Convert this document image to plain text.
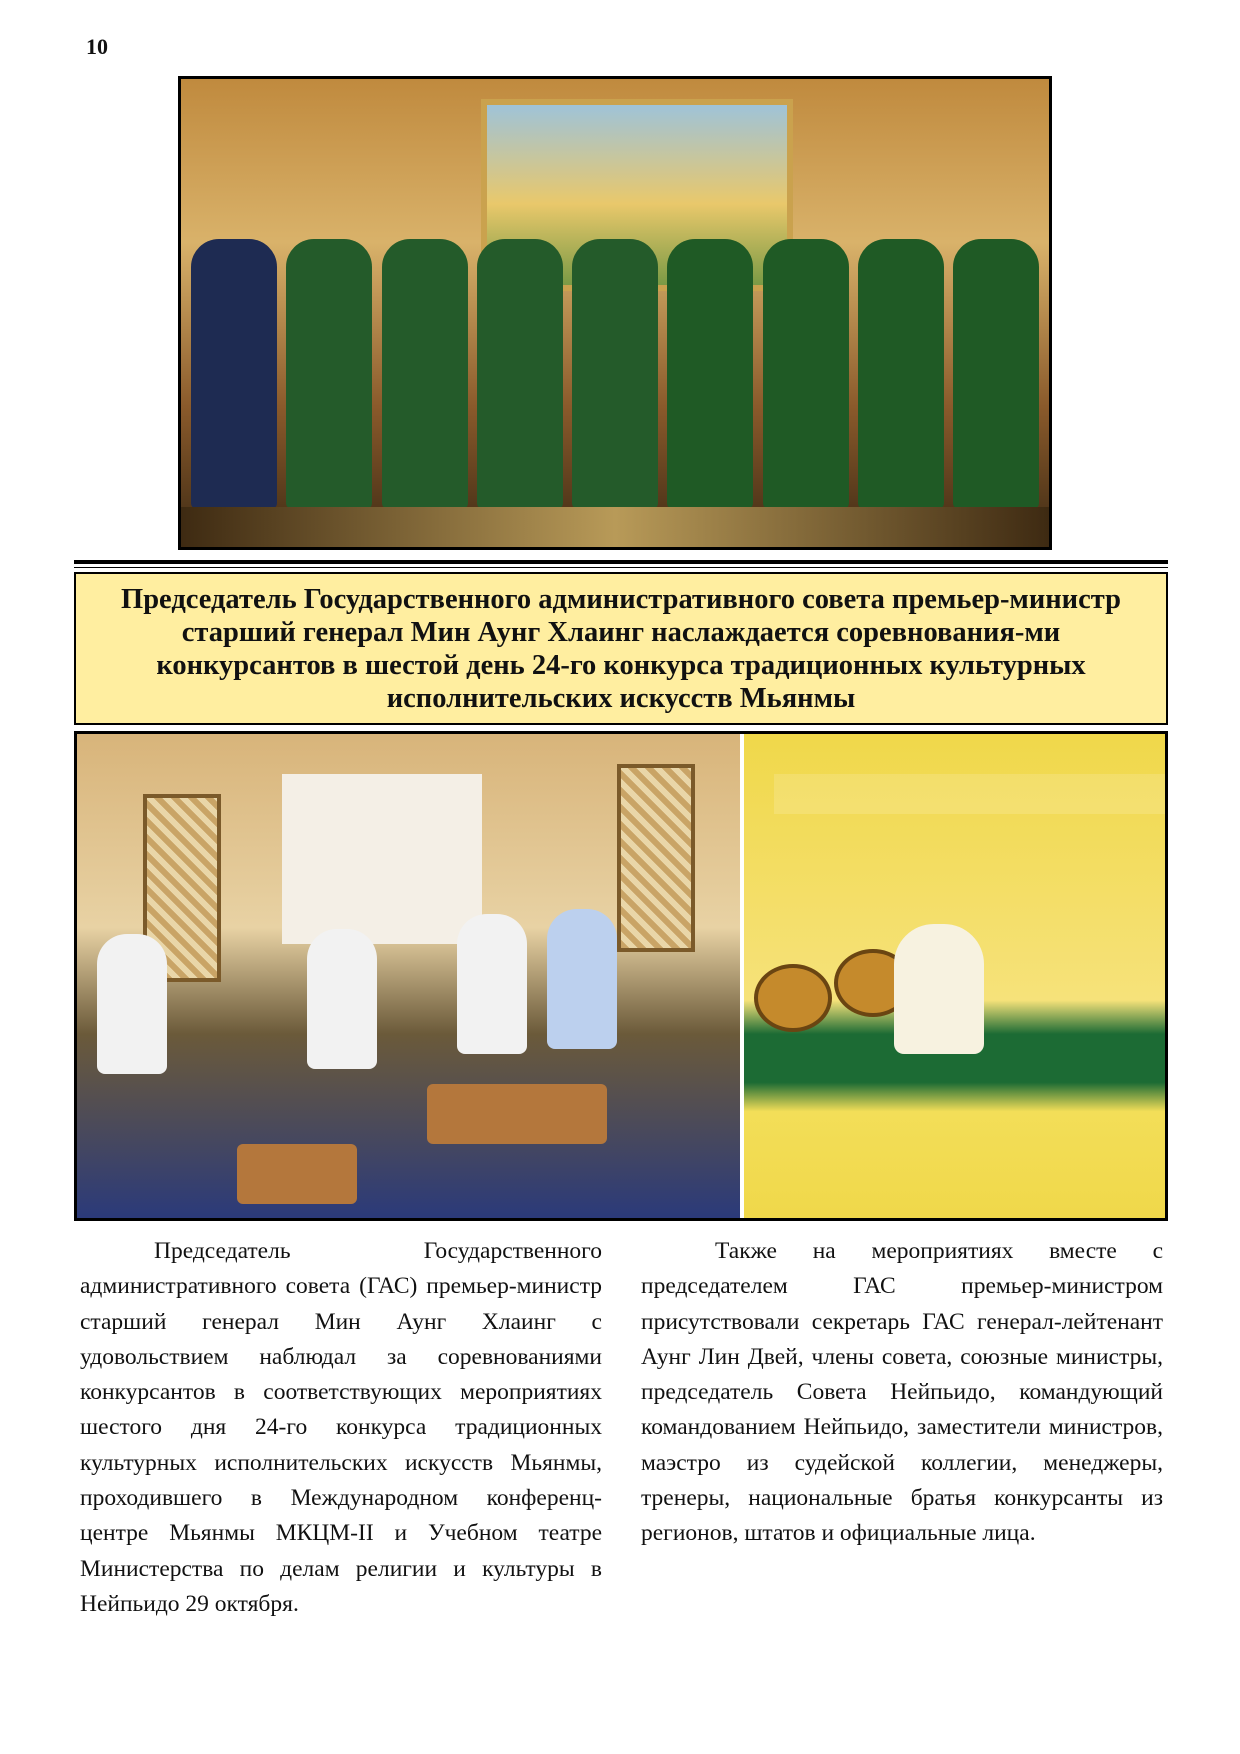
10
Председатель Государственного административного совета премьер-министр старший генерал Мин Аунг Хлаинг наслаждается соревнования-ми конкурсантов в шестой день 24-го конкурса традиционных культурных исполнительских искусств Мьянмы

Председатель Государственного административного совета (ГАС) премьер-министр старший генерал Мин Аунг Хлаинг с удовольствием наблюдал за соревнованиями конкурсантов в соответствующих мероприятиях шестого дня 24-го конкурса традиционных культурных исполнительских искусств Мьянмы, проходившего в Международном конференц-центре Мьянмы МКЦМ-II и Учебном театре Министерства по делам религии и культуры в Нейпьидо 29 октября.

Также на мероприятиях вместе с председателем ГАС премьер-министром присутствовали секретарь ГАС генерал-лейтенант Аунг Лин Двей, члены совета, союзные министры, председатель Совета Нейпьидо, командующий командованием Нейпьидо, заместители министров, маэстро из судейской коллегии, менеджеры, тренеры, национальные братья конкурсанты из регионов, штатов и официальные лица.
